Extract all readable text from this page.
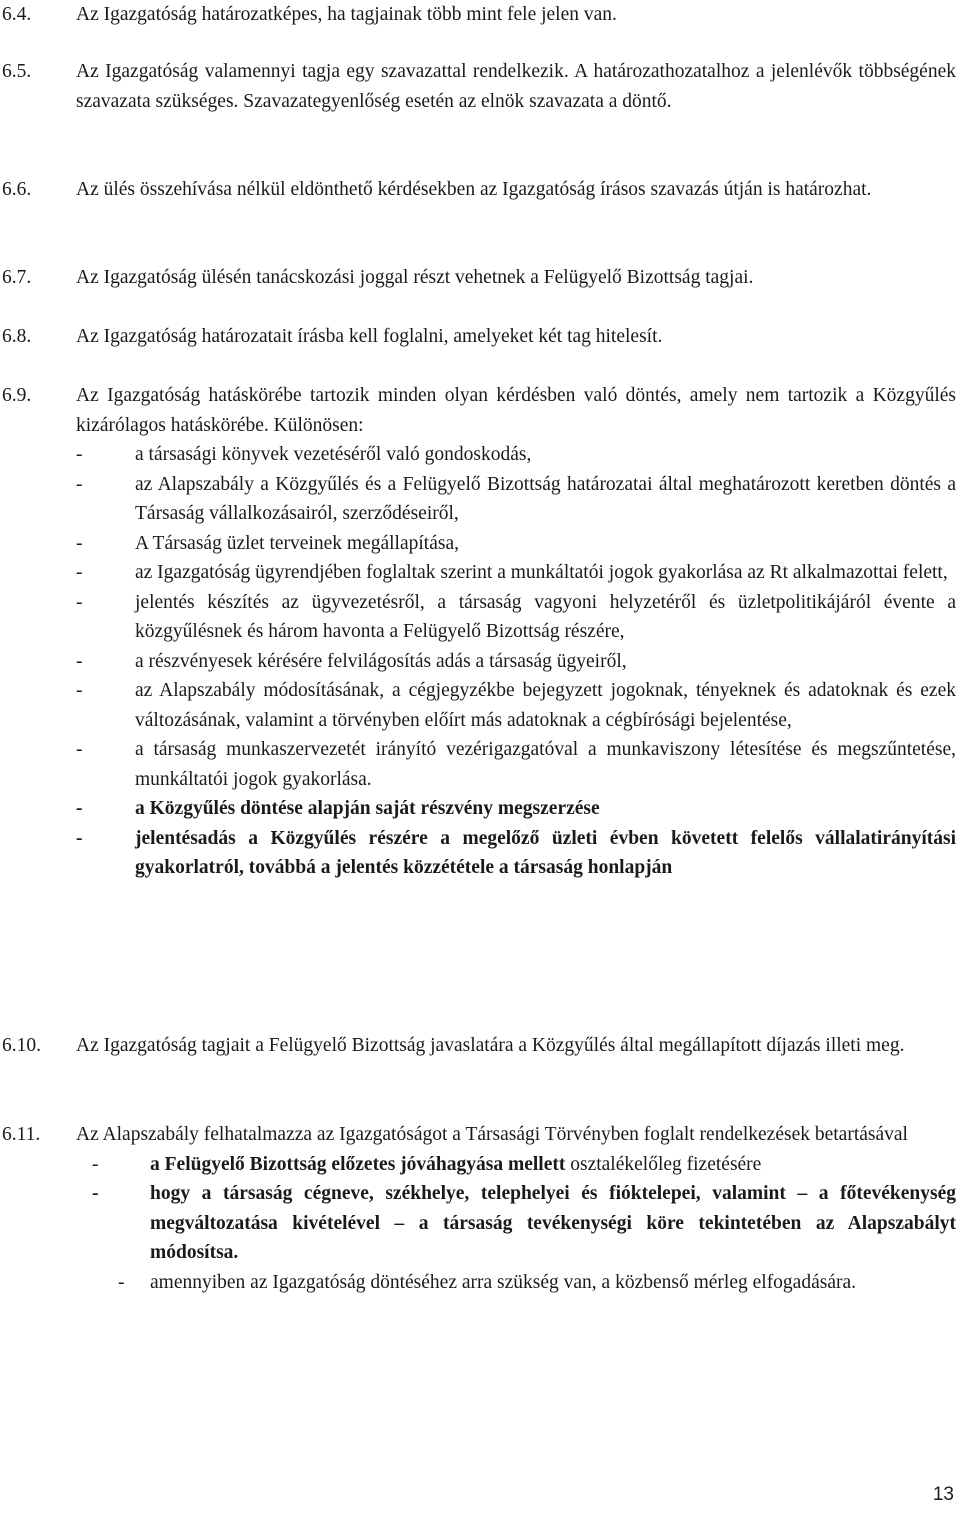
6.4. Az Igazgatóság határozatképes, ha tagjainak több mint fele jelen van.
6.5. Az Igazgatóság valamennyi tagja egy szavazattal rendelkezik. A határozathozatalhoz a jelenlévők többségének szavazata szükséges. Szavazategyenlőség esetén az elnök szavazata a döntő.
6.6. Az ülés összehívása nélkül eldönthető kérdésekben az Igazgatóság írásos szavazás útján is határozhat.
6.7. Az Igazgatóság ülésén tanácskozási joggal részt vehetnek a Felügyelő Bizottság tagjai.
6.8. Az Igazgatóság határozatait írásba kell foglalni, amelyeket két tag hitelesít.
6.9. Az Igazgatóság hatáskörébe tartozik minden olyan kérdésben való döntés, amely nem tartozik a Közgyűlés kizárólagos hatáskörébe. Különösen:
-	a társasági könyvek vezetéséről való gondoskodás,
-	az Alapszabály a Közgyűlés és a Felügyelő Bizottság határozatai által meghatározott keretben döntés a Társaság vállalkozásairól, szerződéseiről,
-	A Társaság üzlet terveinek megállapítása,
-	az Igazgatóság ügyrendjében foglaltak szerint a munkáltatói jogok gyakorlása az Rt alkalmazottai felett,
-	jelentés készítés az ügyvezetésről, a társaság vagyoni helyzetéről és üzletpolitikájáról évente a közgyűlésnek és három havonta a Felügyelő Bizottság részére,
-	a részvényesek kérésére felvilágosítás adás a társaság ügyeiről,
-	az Alapszabály módosításának, a cégjegyzékbe bejegyzett jogoknak, tényeknek és adatoknak és ezek változásának, valamint a törvényben előírt más adatoknak a cégbírósági bejelentése,
-	a társaság munkaszervezetét irányító vezérigazgatóval a munkaviszony létesítése és megszűntetése, munkáltatói jogok gyakorlása.
-	a Közgyűlés döntése alapján saját részvény megszerzése
-	jelentésadás a Közgyűlés részére a megelőző üzleti évben követett felelős vállalatirányítási gyakorlatról, továbbá a jelentés közzététele a társaság honlapján
6.10. Az Igazgatóság tagjait a Felügyelő Bizottság javaslatára a Közgyűlés által megállapított díjazás illeti meg.
6.11. Az Alapszabály felhatalmazza az Igazgatóságot a Társasági Törvényben foglalt rendelkezések betartásával
-	a Felügyelő Bizottság előzetes jóváhagyása mellett osztalékelőleg fizetésére
-	hogy a társaság cégneve, székhelye, telephelyei és fióktelepei, valamint – a főtevékenység megváltozatása kivételével – a társaság tevékenységi köre tekintetében az Alapszabályt módosítsa.
- amennyiben az Igazgatóság döntéséhez arra szükség van, a közbenső mérleg elfogadására.
13
